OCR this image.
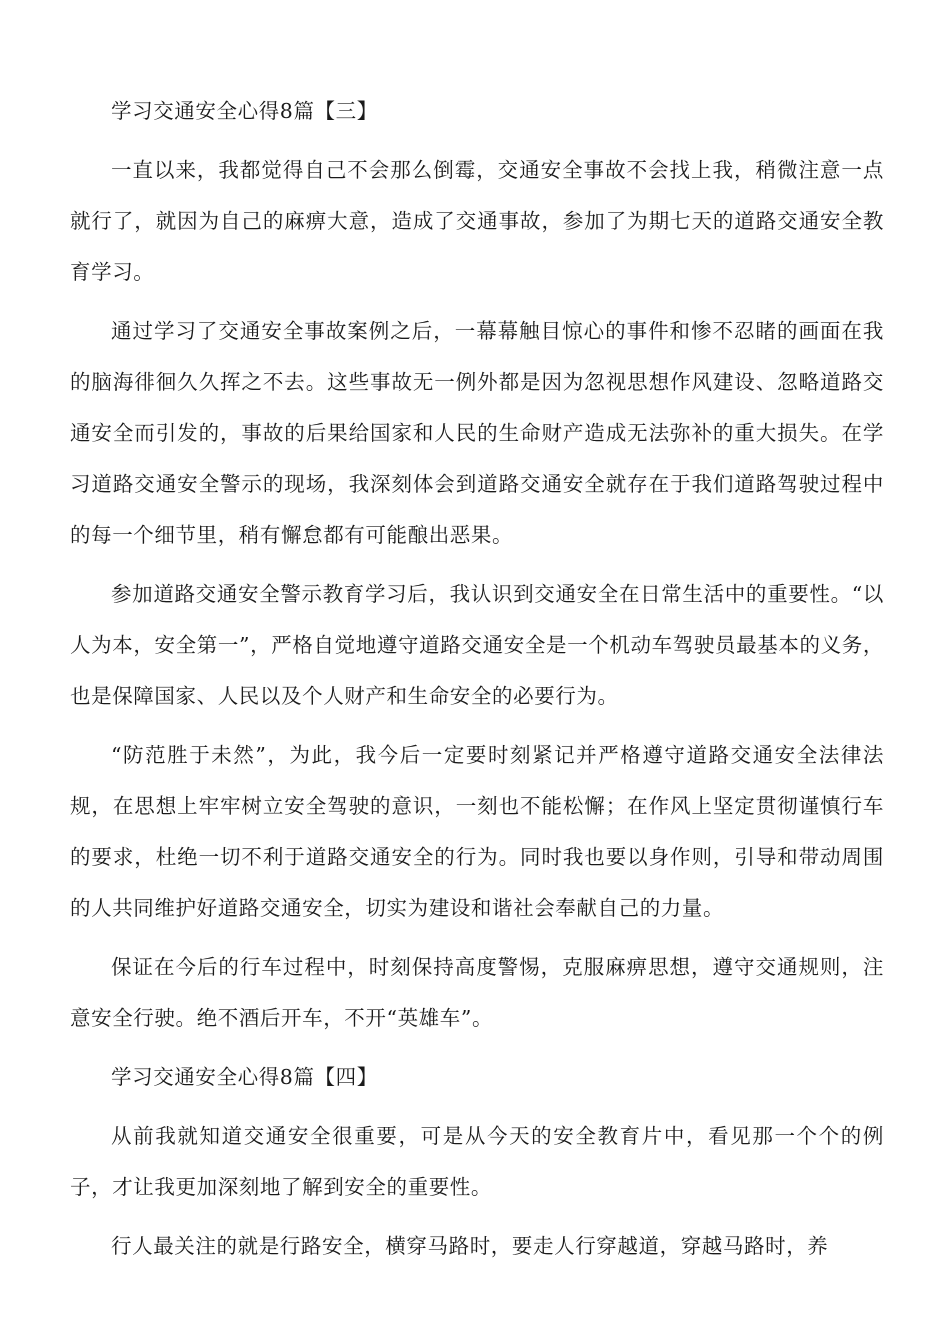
学习交通安全心得8篇【三】

一直以来，我都觉得自己不会那么倒霉，交通安全事故不会找上我，稍微注意一点就行了，就因为自己的麻痹大意，造成了交通事故，参加了为期七天的道路交通安全教育学习。

通过学习了交通安全事故案例之后，一幕幕触目惊心的事件和惨不忍睹的画面在我的脑海徘徊久久挥之不去。这些事故无一例外都是因为忽视思想作风建设、忽略道路交通安全而引发的，事故的后果给国家和人民的生命财产造成无法弥补的重大损失。在学习道路交通安全警示的现场，我深刻体会到道路交通安全就存在于我们道路驾驶过程中的每一个细节里，稍有懈怠都有可能酿出恶果。

参加道路交通安全警示教育学习后，我认识到交通安全在日常生活中的重要性。“以人为本，安全第一”，严格自觉地遵守道路交通安全是一个机动车驾驶员最基本的义务，也是保障国家、人民以及个人财产和生命安全的必要行为。

“防范胜于未然”，为此，我今后一定要时刻紧记并严格遵守道路交通安全法律法规，在思想上牢牢树立安全驾驶的意识，一刻也不能松懈；在作风上坚定贯彻谨慎行车的要求，杜绝一切不利于道路交通安全的行为。同时我也要以身作则，引导和带动周围的人共同维护好道路交通安全，切实为建设和谐社会奉献自己的力量。

保证在今后的行车过程中，时刻保持高度警惕，克服麻痹思想，遵守交通规则，注意安全行驶。绝不酒后开车，不开“英雄车”。

学习交通安全心得8篇【四】

从前我就知道交通安全很重要，可是从今天的安全教育片中，看见那一个个的例子，才让我更加深刻地了解到安全的重要性。

行人最关注的就是行路安全，横穿马路时，要走人行穿越道，穿越马路时，养
